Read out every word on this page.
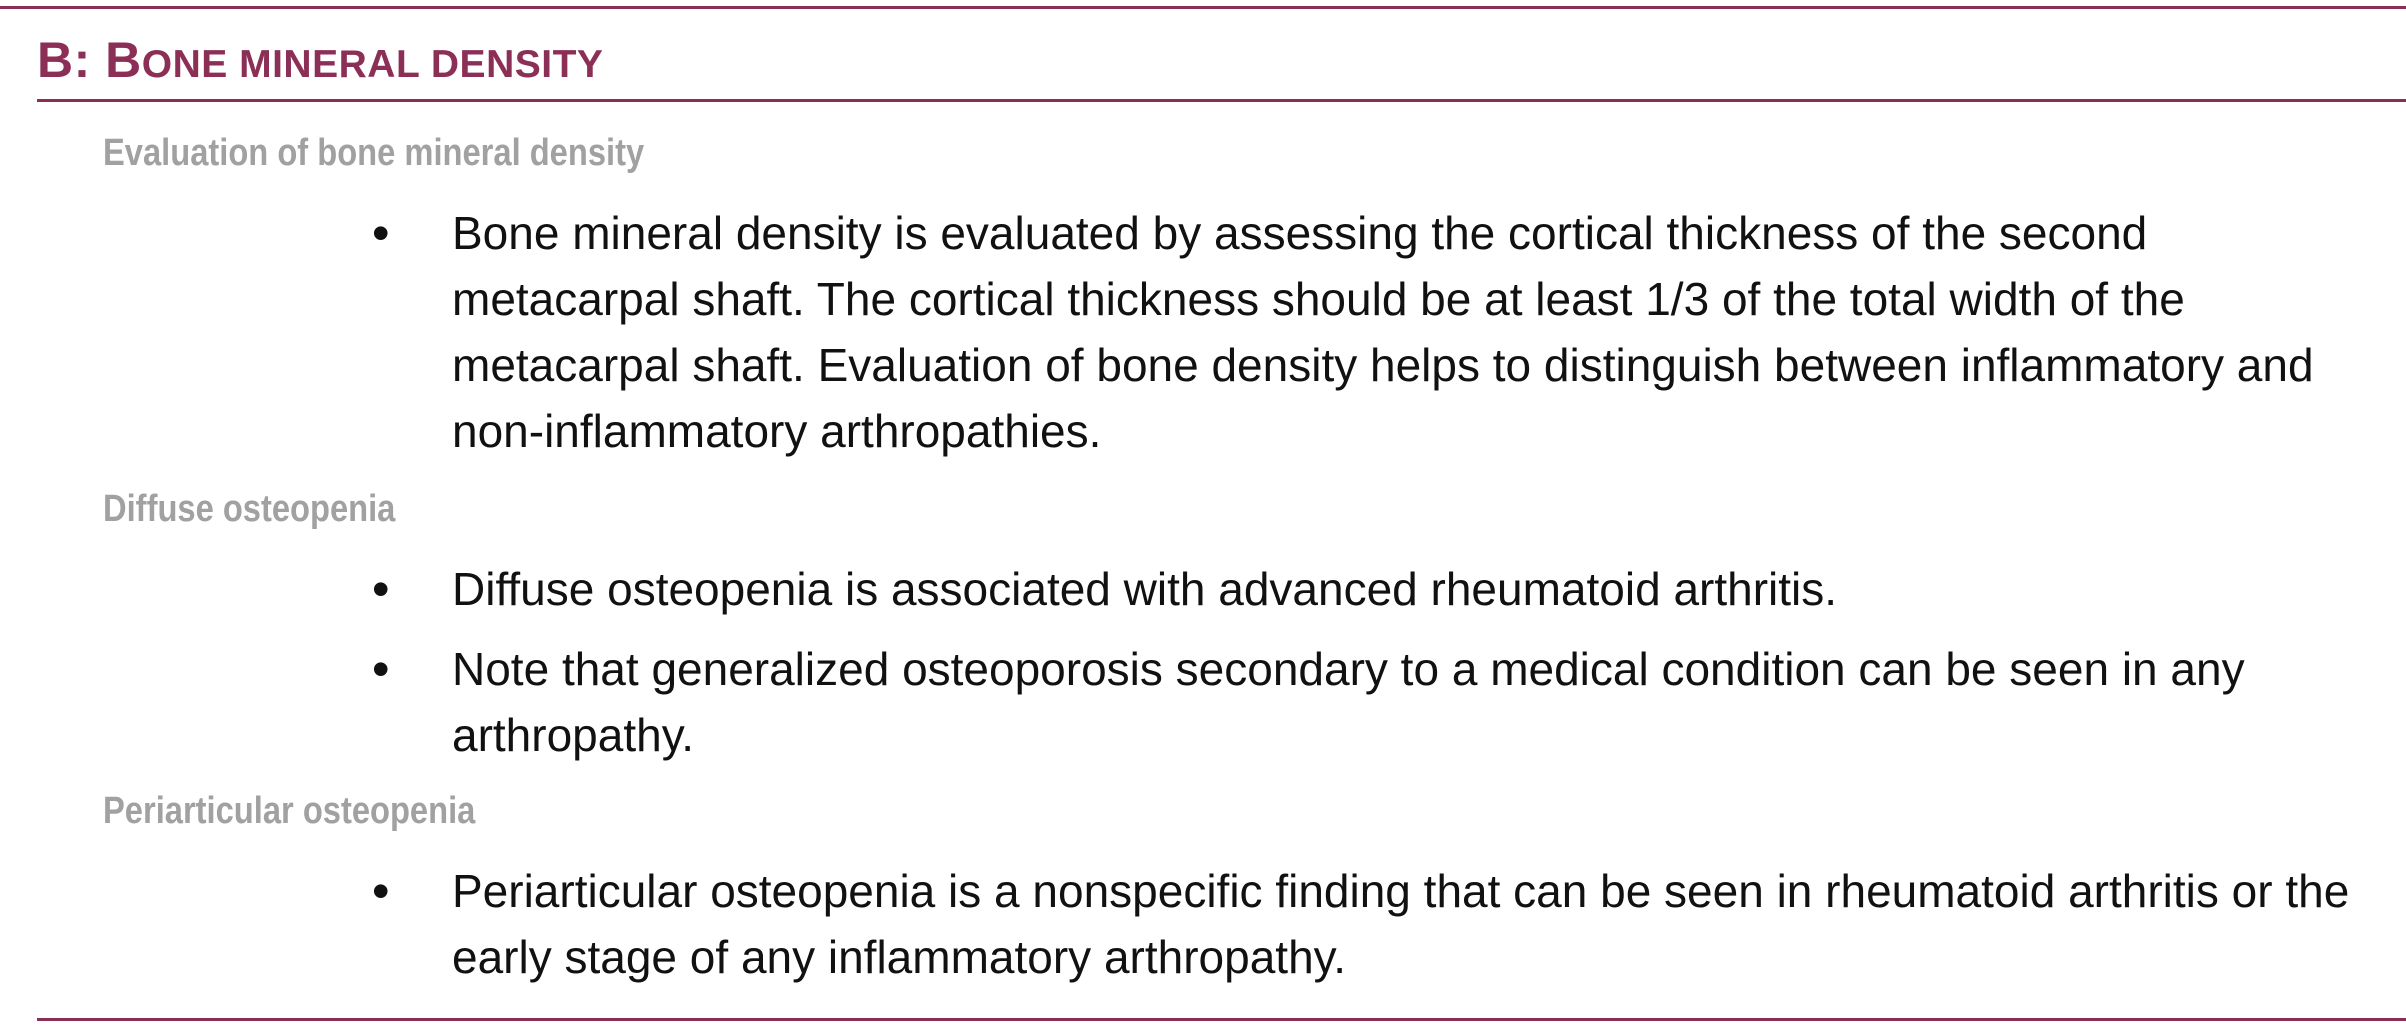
B: BONE MINERAL DENSITY
Evaluation of bone mineral density
• Bone mineral density is evaluated by assessing the cortical thickness of the second metacarpal shaft. The cortical thickness should be at least 1/3 of the total width of the metacarpal shaft. Evaluation of bone density helps to distinguish between inflammatory and non-inflammatory arthropathies.
Diffuse osteopenia
• Diffuse osteopenia is associated with advanced rheumatoid arthritis.
• Note that generalized osteoporosis secondary to a medical condition can be seen in any arthropathy.
Periarticular osteopenia
• Periarticular osteopenia is a nonspecific finding that can be seen in rheumatoid arthritis or the early stage of any inflammatory arthropathy.
